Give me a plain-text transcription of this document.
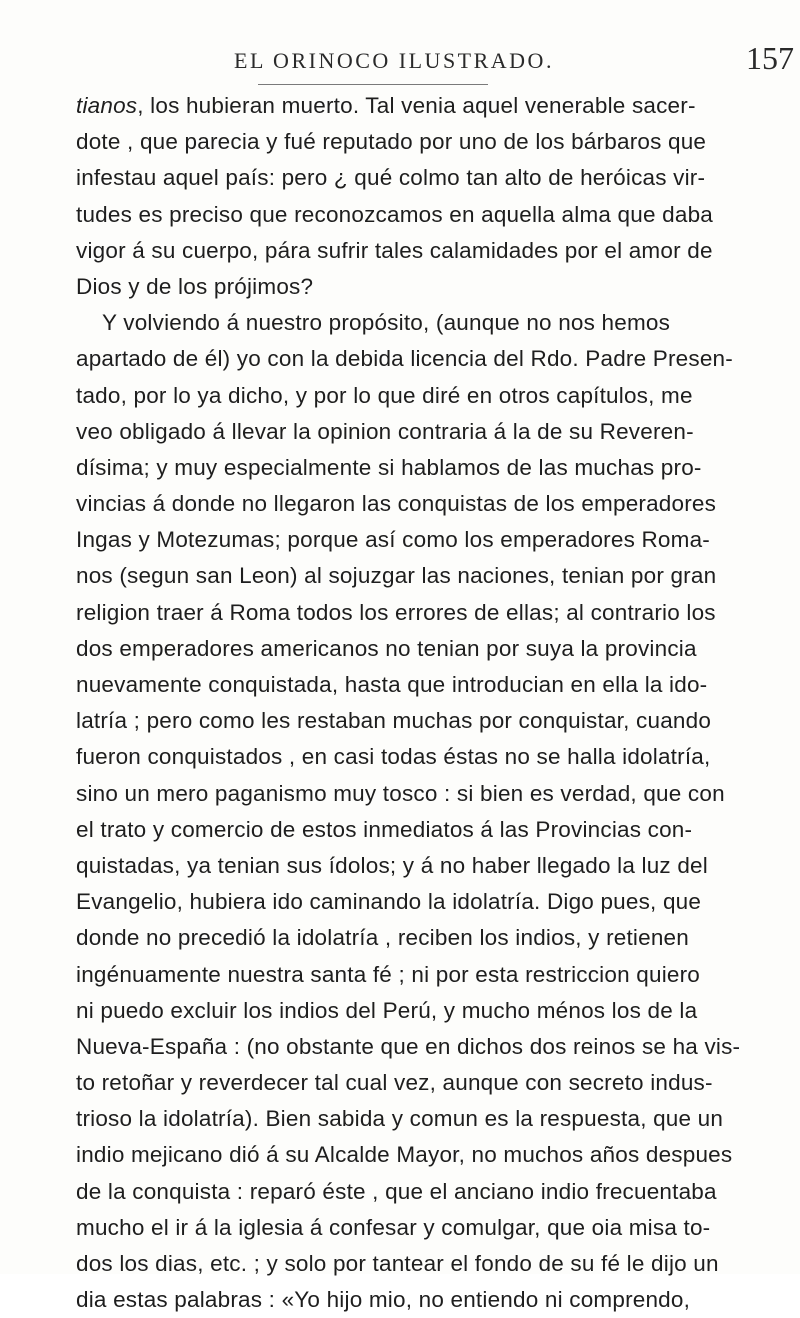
EL ORINOCO ILUSTRADO.	157
tianos, los hubieran muerto. Tal venia aquel venerable sacer-
dote , que parecia y fué reputado por uno de los bárbaros que
infestau aquel país: pero ¿ qué colmo tan alto de heróicas vir-
tudes es preciso que reconozcamos en aquella alma que daba
vigor á su cuerpo, pára sufrir tales calamidades por el amor de
Dios y de los prójimos?
Y volviendo á nuestro propósito, (aunque no nos hemos
apartado de él) yo con la debida licencia del Rdo. Padre Presen-
tado, por lo ya dicho, y por lo que diré en otros capítulos, me
veo obligado á llevar la opinion contraria á la de su Reveren-
dísima; y muy especialmente si hablamos de las muchas pro-
vincias á donde no llegaron las conquistas de los emperadores
Ingas y Motezumas; porque así como los emperadores Roma-
nos (segun san Leon) al sojuzgar las naciones, tenian por gran
religion traer á Roma todos los errores de ellas; al contrario los
dos emperadores americanos no tenian por suya la provincia
nuevamente conquistada, hasta que introducian en ella la ido-
latría ; pero como les restaban muchas por conquistar, cuando
fueron conquistados , en casi todas éstas no se halla idolatría,
sino un mero paganismo muy tosco : si bien es verdad, que con
el trato y comercio de estos inmediatos á las Provincias con-
quistadas, ya tenian sus ídolos; y á no haber llegado la luz del
Evangelio, hubiera ido caminando la idolatría. Digo pues, que
donde no precedió la idolatría , reciben los indios, y retienen
ingénuamente nuestra santa fé ; ni por esta restriccion quiero
ni puedo excluir los indios del Perú, y mucho ménos los de la
Nueva-España : (no obstante que en dichos dos reinos se ha vis-
to retoñar y reverdecer tal cual vez, aunque con secreto indus-
trioso la idolatría). Bien sabida y comun es la respuesta, que un
indio mejicano dió á su Alcalde Mayor, no muchos años despues
de la conquista : reparó éste , que el anciano indio frecuentaba
mucho el ir á la iglesia á confesar y comulgar, que oia misa to-
dos los dias, etc. ; y solo por tantear el fondo de su fé le dijo un
dia estas palabras : «Yo hijo mio, no entiendo ni comprendo,
